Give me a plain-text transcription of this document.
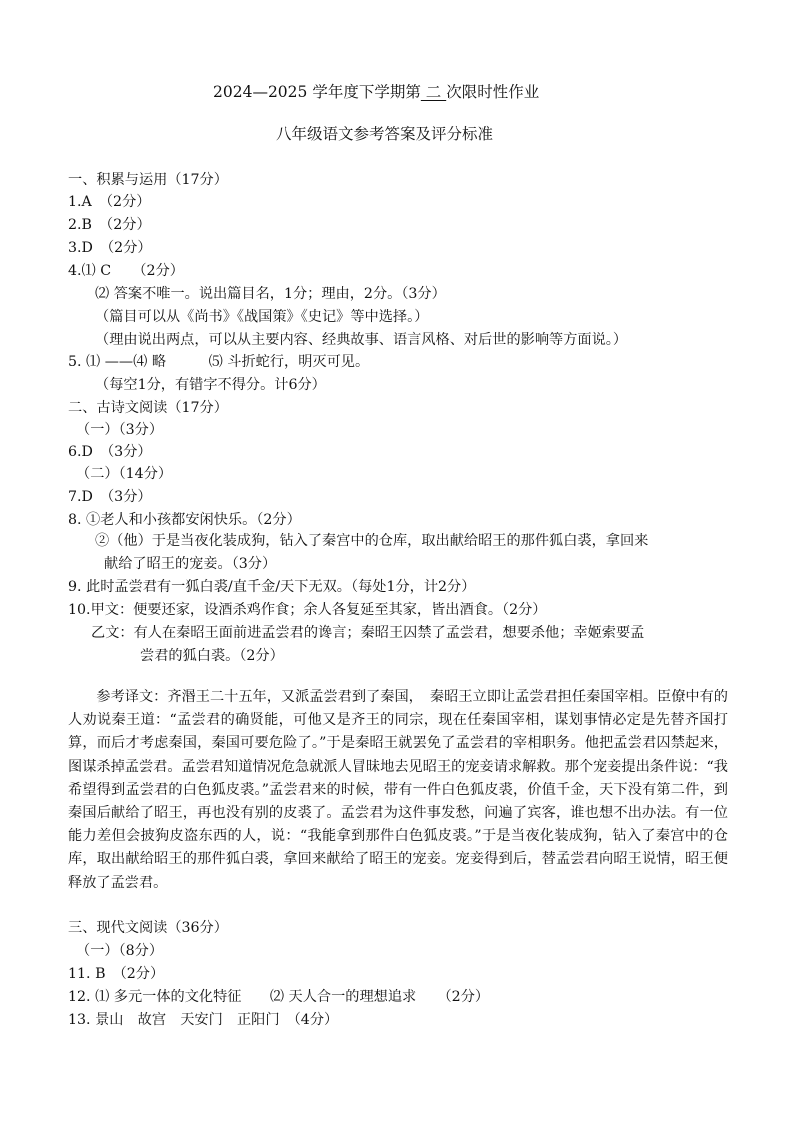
2024—2025 学年度下学期第 二 次限时性作业
八年级语文参考答案及评分标准
一、积累与运用（17分）
1.A　（2分）
2.B　（2分）
3.D　（2分）
4.⑴ C　　（2分）
⑵ 答案不唯一。说出篇目名，1分；理由，2分。（3分）
（篇目可以从《尚书》《战国策》《史记》等中选择。）
（理由说出两点，可以从主要内容、经典故事、语言风格、对后世的影响等方面说。）
5. ⑴ ——⑷ 略　　　⑸ 斗折蛇行，明灭可见。
（每空1分，有错字不得分。计6分）
二、古诗文阅读（17分）
（一）（3分）
6.D　（3分）
（二）（14分）
7.D　（3分）
8. ①老人和小孩都安闲快乐。（2分）
②（他）于是当夜化装成狗，钻入了秦宫中的仓库，取出献给昭王的那件狐白裘，拿回来
献给了昭王的宠妾。（3分）
9. 此时孟尝君有一狐白裘/直千金/天下无双。（每处1分，计2分）
10.甲文：便要还家，设酒杀鸡作食；余人各复延至其家，皆出酒食。（2分）
乙文：有人在秦昭王面前进孟尝君的谗言；秦昭王囚禁了孟尝君，想要杀他；幸姬索要孟
尝君的狐白裘。（2分）
参考译文：齐湣王二十五年，又派孟尝君到了秦国，　秦昭王立即让孟尝君担任秦国宰相。臣僚中有的人劝说秦王道：“孟尝君的确贤能，可他又是齐王的同宗，现在任秦国宰相，谋划事情必定是先替齐国打算，而后才考虑秦国，秦国可要危险了。”于是秦昭王就罢免了孟尝君的宰相职务。他把孟尝君囚禁起来，图谋杀掉孟尝君。孟尝君知道情况危急就派人冒昧地去见昭王的宠妾请求解救。那个宠妾提出条件说：“我希望得到孟尝君的白色狐皮裘。”孟尝君来的时候，带有一件白色狐皮裘，价值千金，天下没有第二件，到秦国后献给了昭王，再也没有别的皮裘了。孟尝君为这件事发愁，问遍了宾客，谁也想不出办法。有一位能力差但会披狗皮盗东西的人，说：“我能拿到那件白色狐皮裘。”于是当夜化装成狗，钻入了秦宫中的仓库，取出献给昭王的那件狐白裘，拿回来献给了昭王的宠妾。宠妾得到后，替孟尝君向昭王说情，昭王便释放了孟尝君。
三、现代文阅读（36分）
（一）（8分）
11. B　（2分）
12. ⑴ 多元一体的文化特征　　⑵ 天人合一的理想追求　　（2分）
13. 景山　故宫　天安门　正阳门　（4分）
